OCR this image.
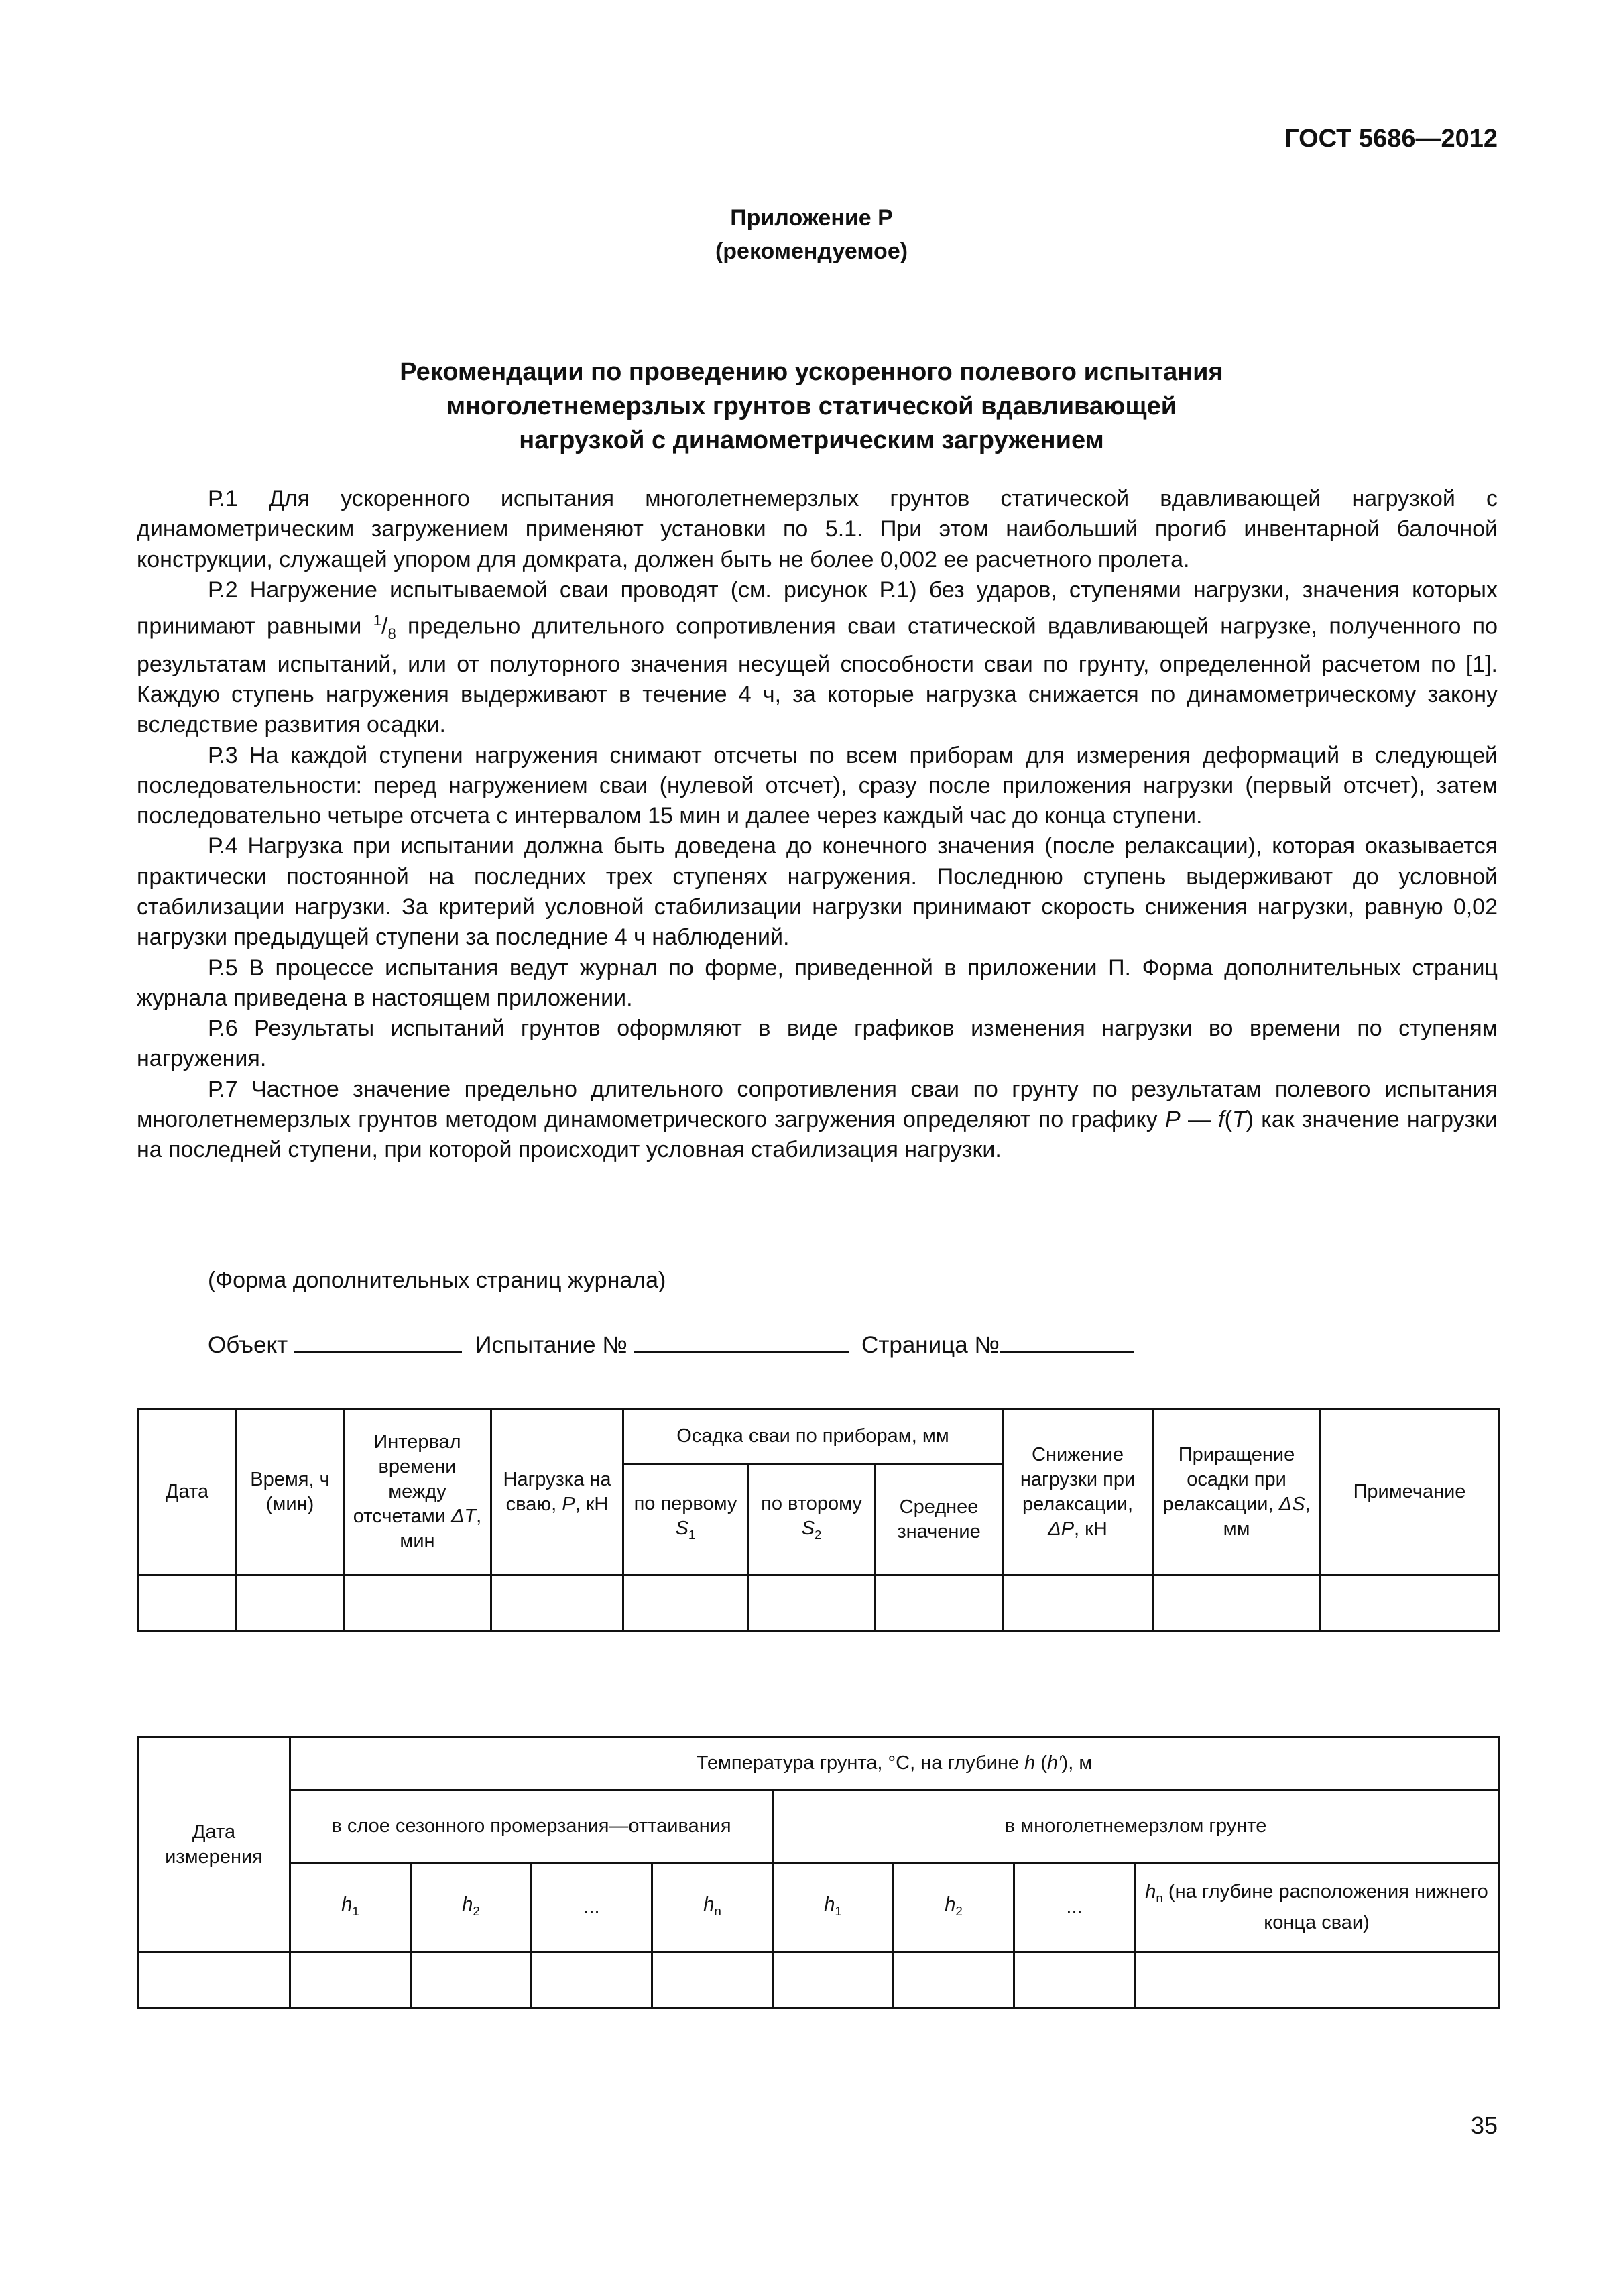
ГОСТ 5686—2012
Приложение Р
(рекомендуемое)
Рекомендации по проведению ускоренного полевого испытания
многолетнемерзлых грунтов статической вдавливающей
нагрузкой с динамометрическим загружением

Р.1 Для ускоренного испытания многолетнемерзлых грунтов статической вдавливающей нагрузкой с динамометрическим загружением применяют установки по 5.1. При этом наибольший прогиб инвентарной балочной конструкции, служащей упором для домкрата, должен быть не более 0,002 ее расчетного пролета.

Р.2 Нагружение испытываемой сваи проводят (см. рисунок Р.1) без ударов, ступенями нагрузки, значения которых принимают равными $^1/_8$ предельно длительного сопротивления сваи статической вдавливающей нагрузке, полученного по результатам испытаний, или от полуторного значения несущей способности сваи по грунту, определенной расчетом по [1]. Каждую ступень нагружения выдерживают в течение 4 ч, за которые нагрузка снижается по динамометрическому закону вследствие развития осадки.

Р.3 На каждой ступени нагружения снимают отсчеты по всем приборам для измерения деформаций в следующей последовательности: перед нагружением сваи (нулевой отсчет), сразу после приложения нагрузки (первый отсчет), затем последовательно четыре отсчета с интервалом 15 мин и далее через каждый час до конца ступени.

Р.4 Нагрузка при испытании должна быть доведена до конечного значения (после релаксации), которая оказывается практически постоянной на последних трех ступенях нагружения. Последнюю ступень выдерживают до условной стабилизации нагрузки. За критерий условной стабилизации нагрузки принимают скорость снижения нагрузки, равную 0,02 нагрузки предыдущей ступени за последние 4 ч наблюдений.

Р.5 В процессе испытания ведут журнал по форме, приведенной в приложении П. Форма дополнительных страниц журнала приведена в настоящем приложении.

Р.6 Результаты испытаний грунтов оформляют в виде графиков изменения нагрузки во времени по ступеням нагружения.

Р.7 Частное значение предельно длительного сопротивления сваи по грунту по результатам полевого испытания многолетнемерзлых грунтов методом динамометрического загружения определяют по графику P — f(T) как значение нагрузки на последней ступени, при которой происходит условная стабилизация нагрузки.

(Форма дополнительных страниц журнала)
Объект	Испытание №	Страница №
Дата	Время, ч (мин)	Интервал времени между отсчетами ΔT, мин	Нагрузка на сваю, P, кН	Осадка сваи по приборам, мм			Снижение нагрузки при релаксации, ΔP, кН	Приращение осадки при релаксации, ΔS, мм	Примечание
				по первому $S_1$	по второму $S_2$	Среднее значение			

Дата измерения	Температура грунта, °С, на глубине h (h′), м							
	в слое сезонного промерзания—оттаивания				в многолетнемерзлом грунте			
	$h_1$	$h_2$	...	$h_n$	$h_1$	$h_2$	...	$h_n$ (на глубине расположения нижнего конца сваи)

35
